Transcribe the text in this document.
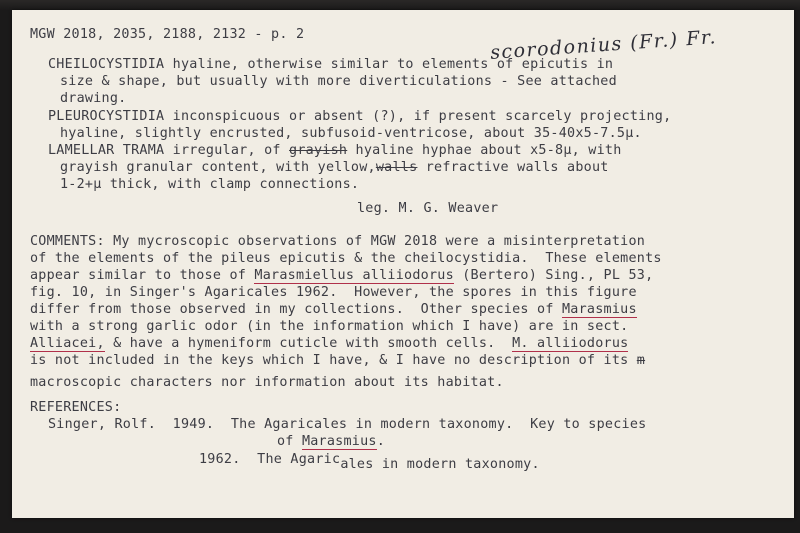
MGW 2018, 2035, 2188, 2132 - p. 2	scorodonius (Fr.) Fr.
CHEILOCYSTIDIA hyaline, otherwise similar to elements of epicutis in
size & shape, but usually with more diverticulations - See attached
drawing.
PLEUROCYSTIDIA inconspicuous or absent (?), if present scarcely projecting,
hyaline, slightly encrusted, subfusoid-ventricose, about 35-40x5-7.5µ.
LAMELLAR TRAMA irregular, of grayish hyaline hyphae about x5-8µ, with
grayish granular content, with yellow,walls refractive walls about
1-2+µ thick, with clamp connections.
leg. M. G. Weaver
COMMENTS: My mycroscopic observations of MGW 2018 were a misinterpretation
of the elements of the pileus epicutis & the cheilocystidia.  These elements
appear similar to those of Marasmiellus alliiodorus (Bertero) Sing., PL 53,
fig. 10, in Singer's Agaricales 1962.  However, the spores in this figure
differ from those observed in my collections.  Other species of Marasmius
with a strong garlic odor (in the information which I have) are in sect.
Alliacei, & have a hymeniform cuticle with smooth cells.  M. alliiodorus
is not included in the keys which I have, & I have no description of its m
macroscopic characters nor information about its habitat.
REFERENCES:
Singer, Rolf.  1949.  The Agaricales in modern taxonomy.  Key to species
of Marasmius.
1962.  The Agaricales in modern taxonomy.
